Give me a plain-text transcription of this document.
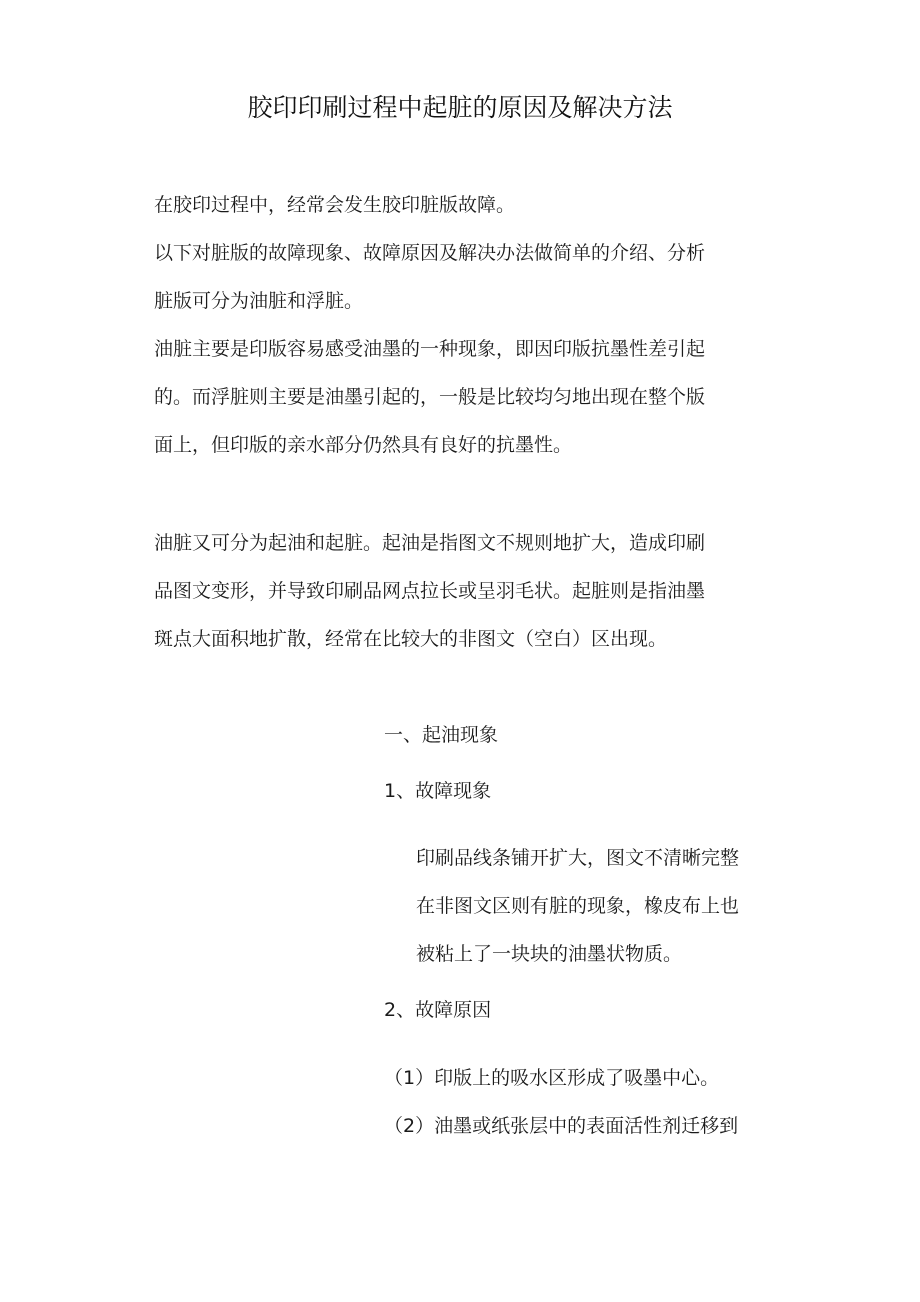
胶印印刷过程中起脏的原因及解决方法
在胶印过程中，经常会发生胶印脏版故障。
以下对脏版的故障现象、故障原因及解决办法做简单的介绍、分析
脏版可分为油脏和浮脏。
油脏主要是印版容易感受油墨的一种现象，即因印版抗墨性差引起
的。而浮脏则主要是油墨引起的，一般是比较均匀地出现在整个版
面上，但印版的亲水部分仍然具有良好的抗墨性。
油脏又可分为起油和起脏。起油是指图文不规则地扩大，造成印刷
品图文变形，并导致印刷品网点拉长或呈羽毛状。起脏则是指油墨
斑点大面积地扩散，经常在比较大的非图文（空白）区出现。
一、起油现象
1、故障现象
印刷品线条铺开扩大，图文不清晰完整
在非图文区则有脏的现象，橡皮布上也
被粘上了一块块的油墨状物质。
2、故障原因
（1）印版上的吸水区形成了吸墨中心。
（2）油墨或纸张层中的表面活性剂迁移到
